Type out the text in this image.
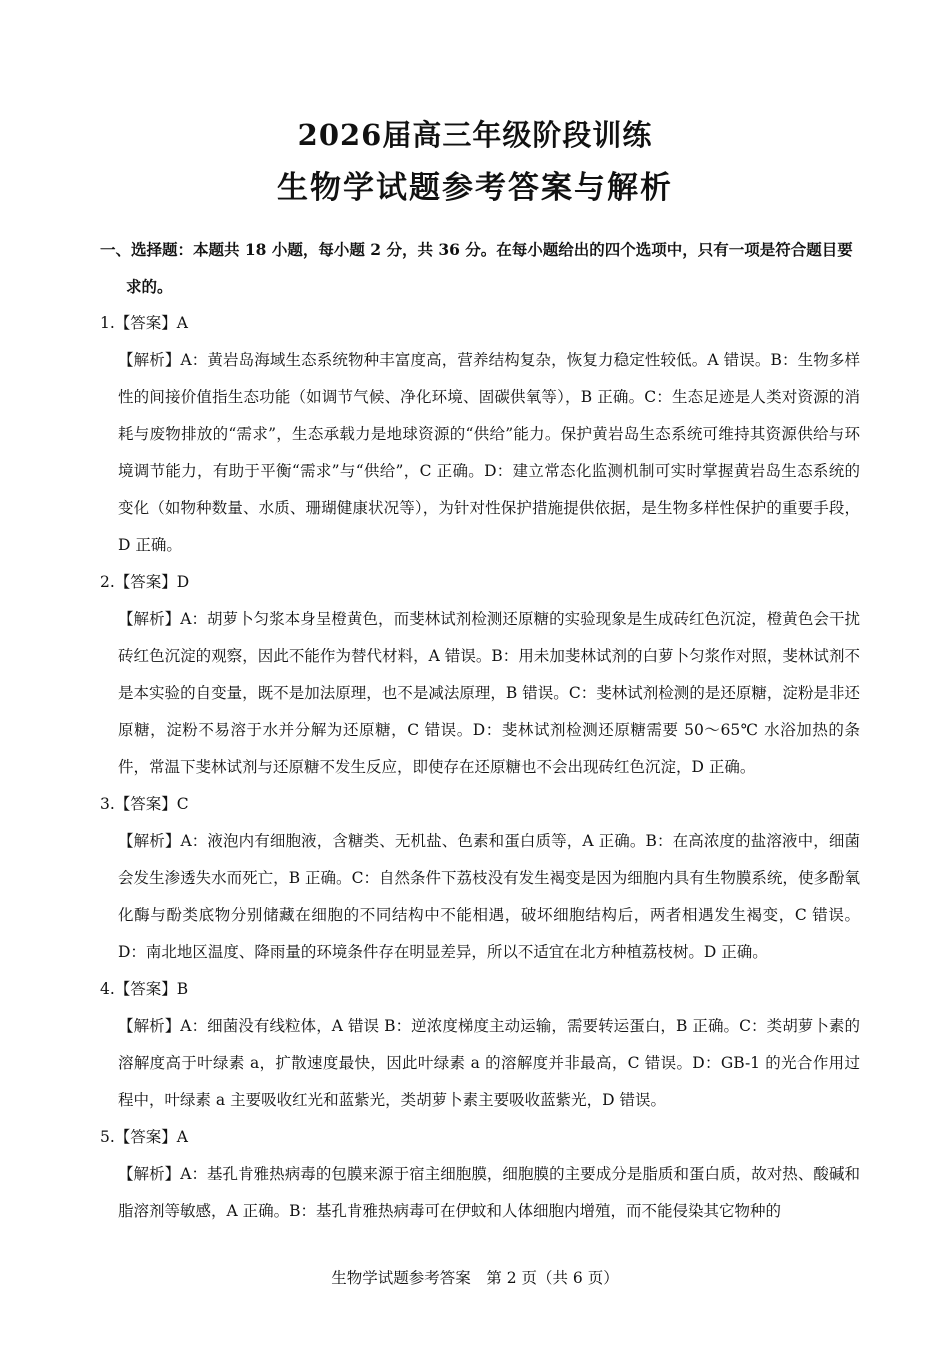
2026届高三年级阶段训练
生物学试题参考答案与解析
一、选择题：本题共 18 小题，每小题 2 分，共 36 分。在每小题给出的四个选项中，只有一项是符合题目要
求的。

1.【答案】A

【解析】A：黄岩岛海域生态系统物种丰富度高，营养结构复杂，恢复力稳定性较低。A 错误。B：生物多样性的间接价值指生态功能（如调节气候、净化环境、固碳供氧等），B 正确。C：生态足迹是人类对资源的消耗与废物排放的“需求”，生态承载力是地球资源的“供给”能力。保护黄岩岛生态系统可维持其资源供给与环境调节能力，有助于平衡“需求”与“供给”，C 正确。D：建立常态化监测机制可实时掌握黄岩岛生态系统的变化（如物种数量、水质、珊瑚健康状况等），为针对性保护措施提供依据，是生物多样性保护的重要手段，D 正确。

2.【答案】D

【解析】A：胡萝卜匀浆本身呈橙黄色，而斐林试剂检测还原糖的实验现象是生成砖红色沉淀，橙黄色会干扰砖红色沉淀的观察，因此不能作为替代材料，A 错误。B：用未加斐林试剂的白萝卜匀浆作对照，斐林试剂不是本实验的自变量，既不是加法原理，也不是减法原理，B 错误。C：斐林试剂检测的是还原糖，淀粉是非还原糖，淀粉不易溶于水并分解为还原糖，C 错误。D：斐林试剂检测还原糖需要 50～65℃ 水浴加热的条件，常温下斐林试剂与还原糖不发生反应，即使存在还原糖也不会出现砖红色沉淀，D 正确。

3.【答案】C

【解析】A：液泡内有细胞液，含糖类、无机盐、色素和蛋白质等，A 正确。B：在高浓度的盐溶液中，细菌会发生渗透失水而死亡，B 正确。C：自然条件下荔枝没有发生褐变是因为细胞内具有生物膜系统，使多酚氧化酶与酚类底物分别储藏在细胞的不同结构中不能相遇，破坏细胞结构后，两者相遇发生褐变，C 错误。D：南北地区温度、降雨量的环境条件存在明显差异，所以不适宜在北方种植荔枝树。D 正确。

4.【答案】B

【解析】A：细菌没有线粒体，A 错误 B：逆浓度梯度主动运输，需要转运蛋白，B 正确。C：类胡萝卜素的溶解度高于叶绿素 a，扩散速度最快，因此叶绿素 a 的溶解度并非最高，C 错误。D：GB-1 的光合作用过程中，叶绿素 a 主要吸收红光和蓝紫光，类胡萝卜素主要吸收蓝紫光，D 错误。

5.【答案】A

【解析】A：基孔肯雅热病毒的包膜来源于宿主细胞膜，细胞膜的主要成分是脂质和蛋白质，故对热、酸碱和脂溶剂等敏感，A 正确。B：基孔肯雅热病毒可在伊蚊和人体细胞内增殖，而不能侵染其它物种的

生物学试题参考答案　第 2 页（共 6 页）
